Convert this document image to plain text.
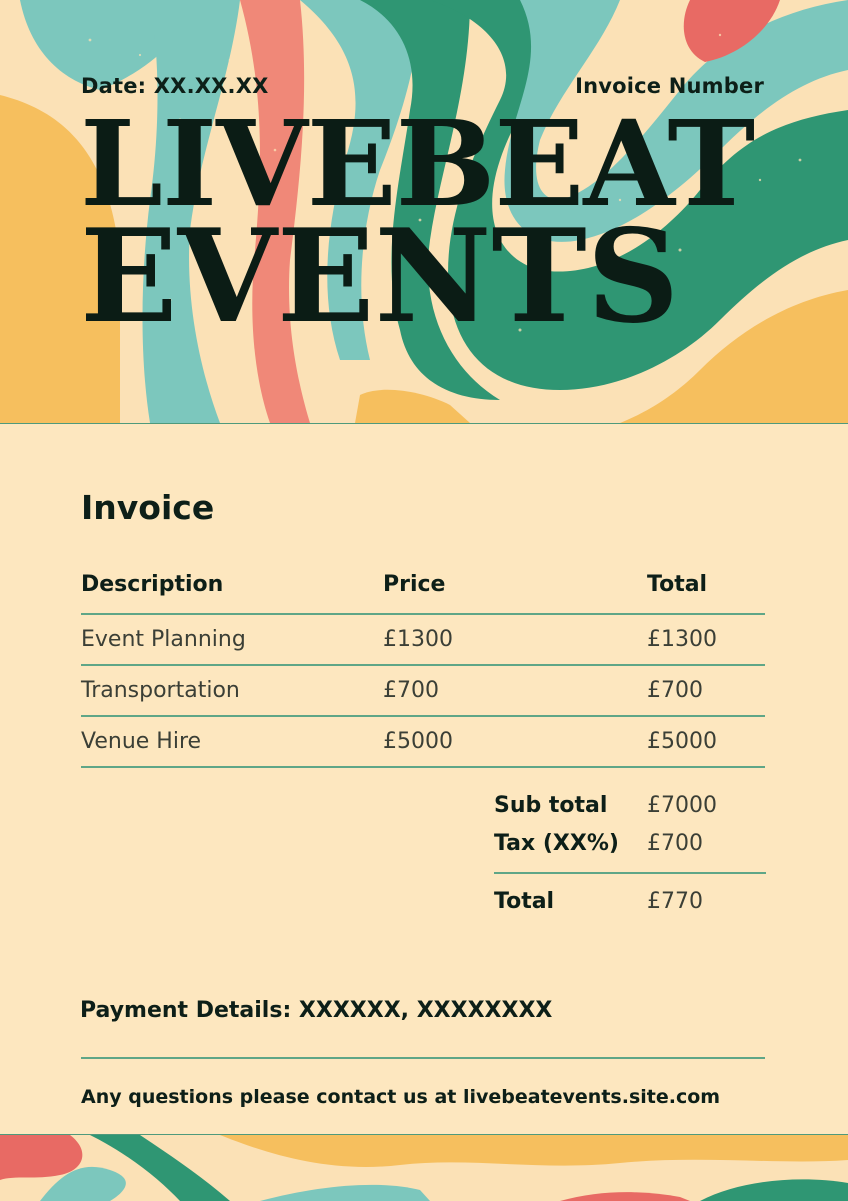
Date: XX.XX.XX	Invoice Number
LIVEBEAT
EVENTS
Invoice
Description	Price	Total
Event Planning	£1300	£1300
Transportation	£700	£700
Venue Hire	£5000	£5000
Sub total	£7000
Tax (XX%)	£700
Total	£770
Payment Details: XXXXXX, XXXXXXXX
Any questions please contact us at livebeatevents.site.com
